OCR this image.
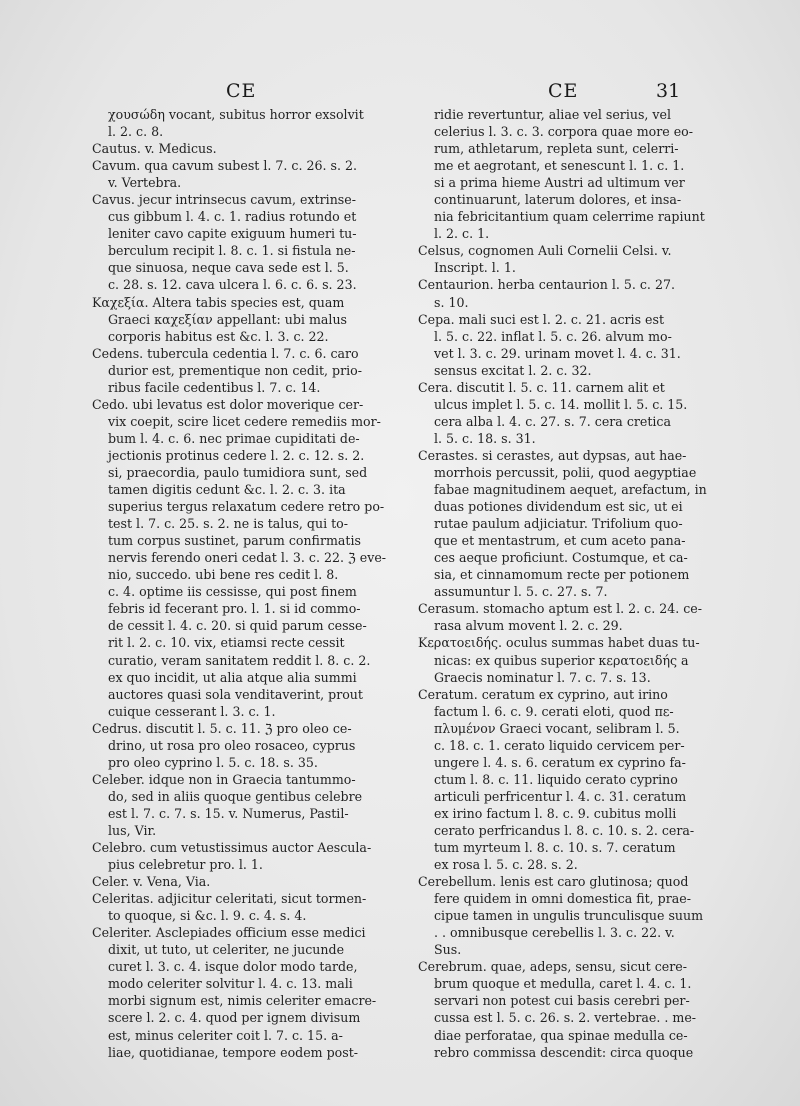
CE	CE	31
χουσώδη vocant, subitus horror exsolvit
l. 2. c. 8.
Cautus. v. Medicus.
Cavum. qua cavum subest l. 7. c. 26. s. 2.
v. Vertebra.
Cavus. jecur intrinsecus cavum, extrinse-
cus gibbum l. 4. c. 1. radius rotundo et
leniter cavo capite exiguum humeri tu-
berculum recipit l. 8. c. 1. si fistula ne-
que sinuosa, neque cava sede est l. 5.
c. 28. s. 12. cava ulcera l. 6. c. 6. s. 23.
Καχεξία. Altera tabis species est, quam
Graeci καχεξίαν appellant: ubi malus
corporis habitus est &c. l. 3. c. 22.
Cedens. tubercula cedentia l. 7. c. 6. caro
durior est, prementique non cedit, prio-
ribus facile cedentibus l. 7. c. 14.
Cedo. ubi levatus est dolor moverique cer-
vix coepit, scire licet cedere remediis mor-
bum l. 4. c. 6. nec primae cupiditati de-
jectionis protinus cedere l. 2. c. 12. s. 2.
si, praecordia, paulo tumidiora sunt, sed
tamen digitis cedunt &c. l. 2. c. 3. ita
superius tergus relaxatum cedere retro po-
test l. 7. c. 25. s. 2. ne is talus, qui to-
tum corpus sustinet, parum confirmatis
nervis ferendo oneri cedat l. 3. c. 22. ℨ eve-
nio, succedo. ubi bene res cedit l. 8.
c. 4. optime iis cessisse, qui post finem
febris id fecerant pro. l. 1. si id commo-
de cessit l. 4. c. 20. si quid parum cesse-
rit l. 2. c. 10. vix, etiamsi recte cessit
curatio, veram sanitatem reddit l. 8. c. 2.
ex quo incidit, ut alia atque alia summi
auctores quasi sola venditaverint, prout
cuique cesserant l. 3. c. 1.
Cedrus. discutit l. 5. c. 11. ℨ pro oleo ce-
drino, ut rosa pro oleo rosaceo, cyprus
pro oleo cyprino l. 5. c. 18. s. 35.
Celeber. idque non in Graecia tantummo-
do, sed in aliis quoque gentibus celebre
est l. 7. c. 7. s. 15. v. Numerus, Pastil-
lus, Vir.
Celebro. cum vetustissimus auctor Aescula-
pius celebretur pro. l. 1.
Celer. v. Vena, Via.
Celeritas. adjicitur celeritati, sicut tormen-
to quoque, si &c. l. 9. c. 4. s. 4.
Celeriter. Asclepiades officium esse medici
dixit, ut tuto, ut celeriter, ne jucunde
curet l. 3. c. 4. isque dolor modo tarde,
modo celeriter solvitur l. 4. c. 13. mali
morbi signum est, nimis celeriter emacre-
scere l. 2. c. 4. quod per ignem divisum
est, minus celeriter coit l. 7. c. 15. a-
liae, quotidianae, tempore eodem post-
ridie revertuntur, aliae vel serius, vel
celerius l. 3. c. 3. corpora quae more eo-
rum, athletarum, repleta sunt, celerri-
me et aegrotant, et senescunt l. 1. c. 1.
si a prima hieme Austri ad ultimum ver
continuarunt, laterum dolores, et insa-
nia febricitantium quam celerrime rapiunt
l. 2. c. 1.
Celsus, cognomen Auli Cornelii Celsi. v.
Inscript. l. 1.
Centaurion. herba centaurion l. 5. c. 27.
s. 10.
Cepa. mali suci est l. 2. c. 21. acris est
l. 5. c. 22. inflat l. 5. c. 26. alvum mo-
vet l. 3. c. 29. urinam movet l. 4. c. 31.
sensus excitat l. 2. c. 32.
Cera. discutit l. 5. c. 11. carnem alit et
ulcus implet l. 5. c. 14. mollit l. 5. c. 15.
cera alba l. 4. c. 27. s. 7. cera cretica
l. 5. c. 18. s. 31.
Cerastes. si cerastes, aut dypsas, aut hae-
morrhois percussit, polii, quod aegyptiae
fabae magnitudinem aequet, arefactum, in
duas potiones dividendum est sic, ut ei
rutae paulum adjiciatur. Trifolium quo-
que et mentastrum, et cum aceto pana-
ces aeque proficiunt. Costumque, et ca-
sia, et cinnamomum recte per potionem
assumuntur l. 5. c. 27. s. 7.
Cerasum. stomacho aptum est l. 2. c. 24. ce-
rasa alvum movent l. 2. c. 29.
Κερατοειδής. oculus summas habet duas tu-
nicas: ex quibus superior κερατοειδής a
Graecis nominatur l. 7. c. 7. s. 13.
Ceratum. ceratum ex cyprino, aut irino
factum l. 6. c. 9. cerati eloti, quod πε-
πλυμένον Graeci vocant, selibram l. 5.
c. 18. c. 1. cerato liquido cervicem per-
ungere l. 4. s. 6. ceratum ex cyprino fa-
ctum l. 8. c. 11. liquido cerato cyprino
articuli perfricentur l. 4. c. 31. ceratum
ex irino factum l. 8. c. 9. cubitus molli
cerato perfricandus l. 8. c. 10. s. 2. cera-
tum myrteum l. 8. c. 10. s. 7. ceratum
ex rosa l. 5. c. 28. s. 2.
Cerebellum. lenis est caro glutinosa; quod
fere quidem in omni domestica fit, prae-
cipue tamen in ungulis trunculisque suum
. . omnibusque cerebellis l. 3. c. 22. v.
Sus.
Cerebrum. quae, adeps, sensu, sicut cere-
brum quoque et medulla, caret l. 4. c. 1.
servari non potest cui basis cerebri per-
cussa est l. 5. c. 26. s. 2. vertebrae. . me-
diae perforatae, qua spinae medulla ce-
rebro commissa descendit: circa quoque
